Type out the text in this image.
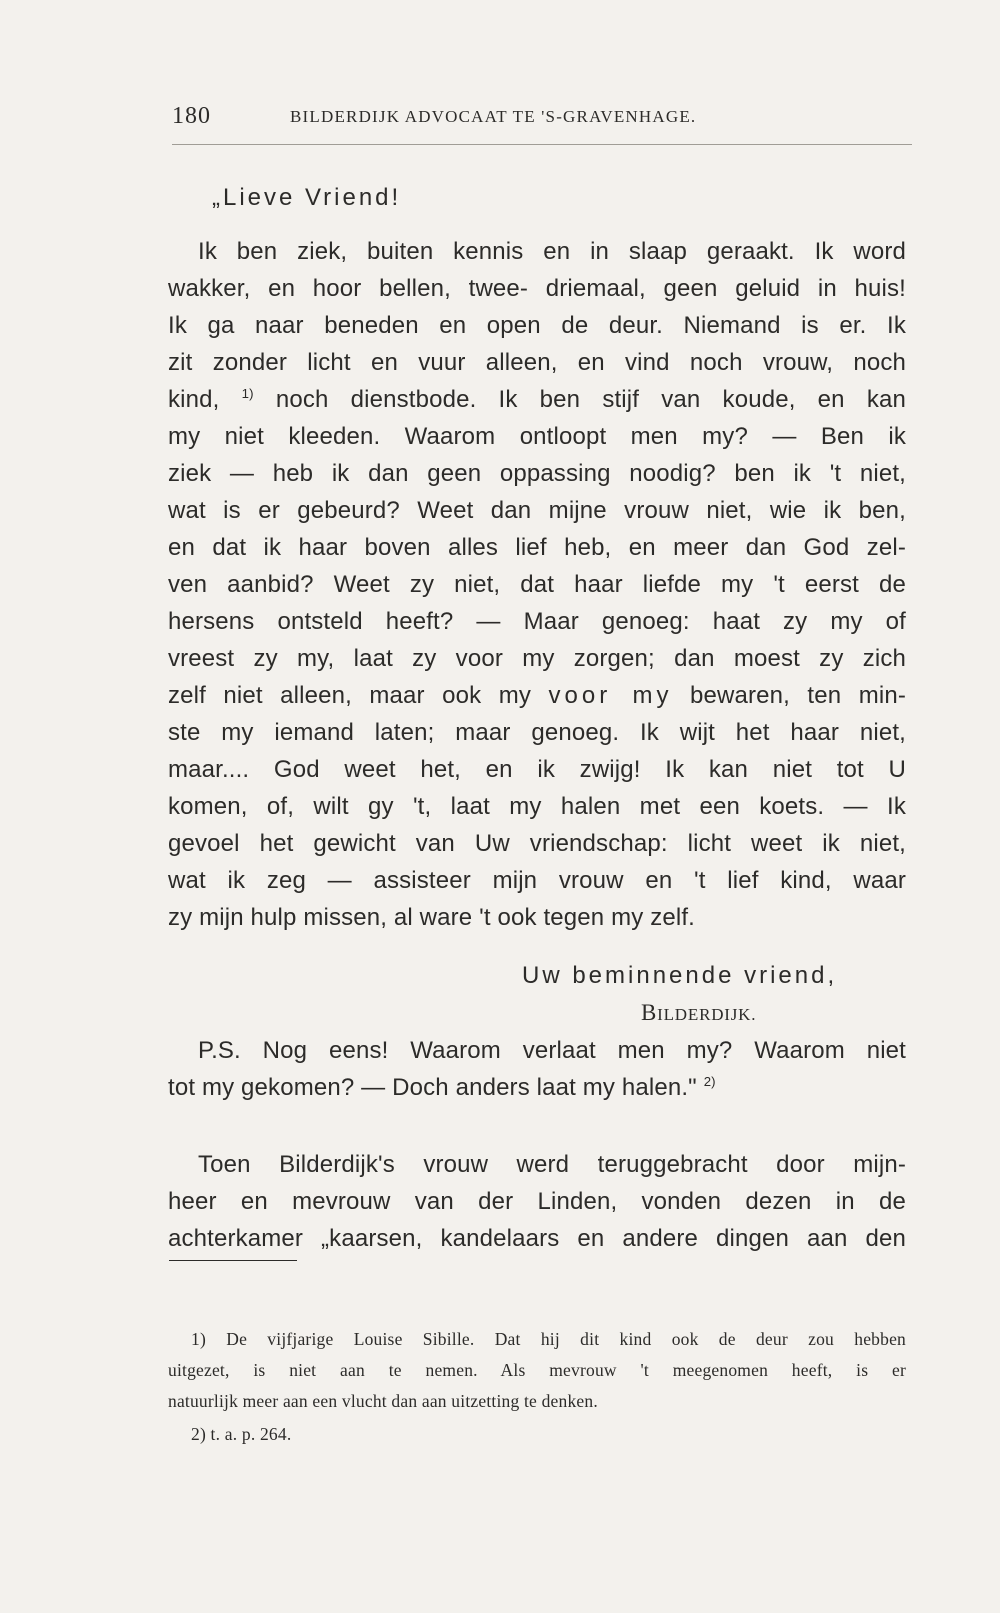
180	BILDERDIJK ADVOCAAT TE 'S-GRAVENHAGE.
„Lieve Vriend!
Ik ben ziek, buiten kennis en in slaap geraakt. Ik word
wakker, en hoor bellen, twee- driemaal, geen geluid in huis!
Ik ga naar beneden en open de deur. Niemand is er. Ik
zit zonder licht en vuur alleen, en vind noch vrouw, noch
kind, $^{1)}$ noch dienstbode. Ik ben stijf van koude, en kan
my niet kleeden. Waarom ontloopt men my? — Ben ik
ziek — heb ik dan geen oppassing noodig? ben ik 't niet,
wat is er gebeurd? Weet dan mijne vrouw niet, wie ik ben,
en dat ik haar boven alles lief heb, en meer dan God zel-
ven aanbid? Weet zy niet, dat haar liefde my 't eerst de
hersens ontsteld heeft? — Maar genoeg: haat zy my of
vreest zy my, laat zy voor my zorgen; dan moest zy zich
zelf niet alleen, maar ook my voor my bewaren, ten min-
ste my iemand laten; maar genoeg. Ik wijt het haar niet,
maar.... God weet het, en ik zwijg! Ik kan niet tot U
komen, of, wilt gy 't, laat my halen met een koets. — Ik
gevoel het gewicht van Uw vriendschap: licht weet ik niet,
wat ik zeg — assisteer mijn vrouw en 't lief kind, waar
zy mijn hulp missen, al ware 't ook tegen my zelf.
Uw beminnende vriend,
BILDERDIJK.
P.S. Nog eens! Waarom verlaat men my? Waarom niet
tot my gekomen? — Doch anders laat my halen." $^{2)}$
Toen Bilderdijk's vrouw werd teruggebracht door mijn-
heer en mevrouw van der Linden, vonden dezen in de
achterkamer „kaarsen, kandelaars en andere dingen aan den
1) De vijfjarige Louise Sibille. Dat hij dit kind ook de deur zou hebben
uitgezet, is niet aan te nemen. Als mevrouw 't meegenomen heeft, is er
natuurlijk meer aan een vlucht dan aan uitzetting te denken.
2) t. a. p. 264.
